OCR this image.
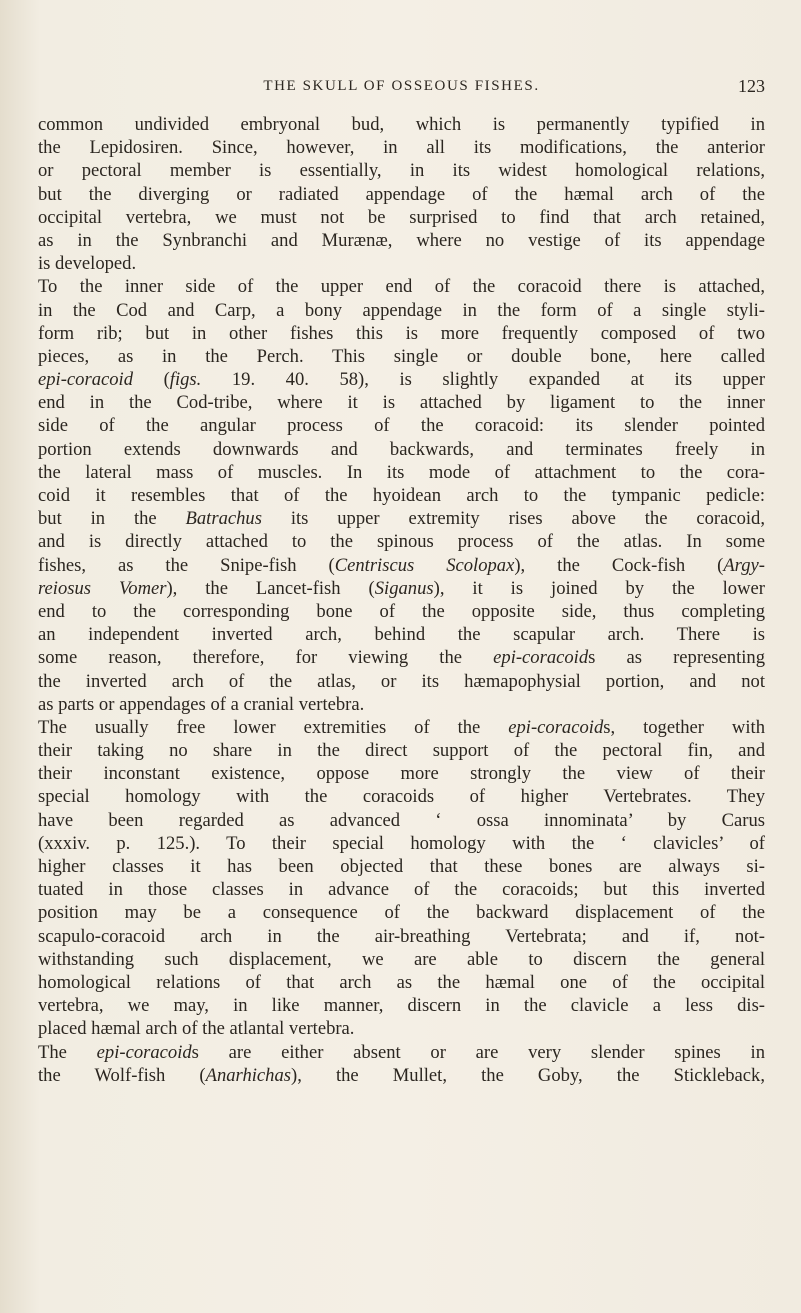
THE SKULL OF OSSEOUS FISHES.	123
common undivided embryonal bud, which is permanently typified in
the Lepidosiren. Since, however, in all its modifications, the anterior
or pectoral member is essentially, in its widest homological relations,
but the diverging or radiated appendage of the hæmal arch of the
occipital vertebra, we must not be surprised to find that arch retained,
as in the Synbranchi and Murænæ, where no vestige of its appendage
is developed.
To the inner side of the upper end of the coracoid there is attached,
in the Cod and Carp, a bony appendage in the form of a single styli-
form rib; but in other fishes this is more frequently composed of two
pieces, as in the Perch. This single or double bone, here called
epi-coracoid (figs. 19. 40. 58), is slightly expanded at its upper
end in the Cod-tribe, where it is attached by ligament to the inner
side of the angular process of the coracoid: its slender pointed
portion extends downwards and backwards, and terminates freely in
the lateral mass of muscles. In its mode of attachment to the cora-
coid it resembles that of the hyoidean arch to the tympanic pedicle:
but in the Batrachus its upper extremity rises above the coracoid,
and is directly attached to the spinous process of the atlas. In some
fishes, as the Snipe-fish (Centriscus Scolopax), the Cock-fish (Argy-
reiosus Vomer), the Lancet-fish (Siganus), it is joined by the lower
end to the corresponding bone of the opposite side, thus completing
an independent inverted arch, behind the scapular arch. There is
some reason, therefore, for viewing the epi-coracoids as representing
the inverted arch of the atlas, or its hæmapophysial portion, and not
as parts or appendages of a cranial vertebra.
The usually free lower extremities of the epi-coracoids, together with
their taking no share in the direct support of the pectoral fin, and
their inconstant existence, oppose more strongly the view of their
special homology with the coracoids of higher Vertebrates. They
have been regarded as advanced ‘ ossa innominata’ by Carus
(xxxiv. p. 125.). To their special homology with the ‘ clavicles’ of
higher classes it has been objected that these bones are always si-
tuated in those classes in advance of the coracoids; but this inverted
position may be a consequence of the backward displacement of the
scapulo-coracoid arch in the air-breathing Vertebrata; and if, not-
withstanding such displacement, we are able to discern the general
homological relations of that arch as the hæmal one of the occipital
vertebra, we may, in like manner, discern in the clavicle a less dis-
placed hæmal arch of the atlantal vertebra.
The epi-coracoids are either absent or are very slender spines in
the Wolf-fish (Anarhichas), the Mullet, the Goby, the Stickleback,
